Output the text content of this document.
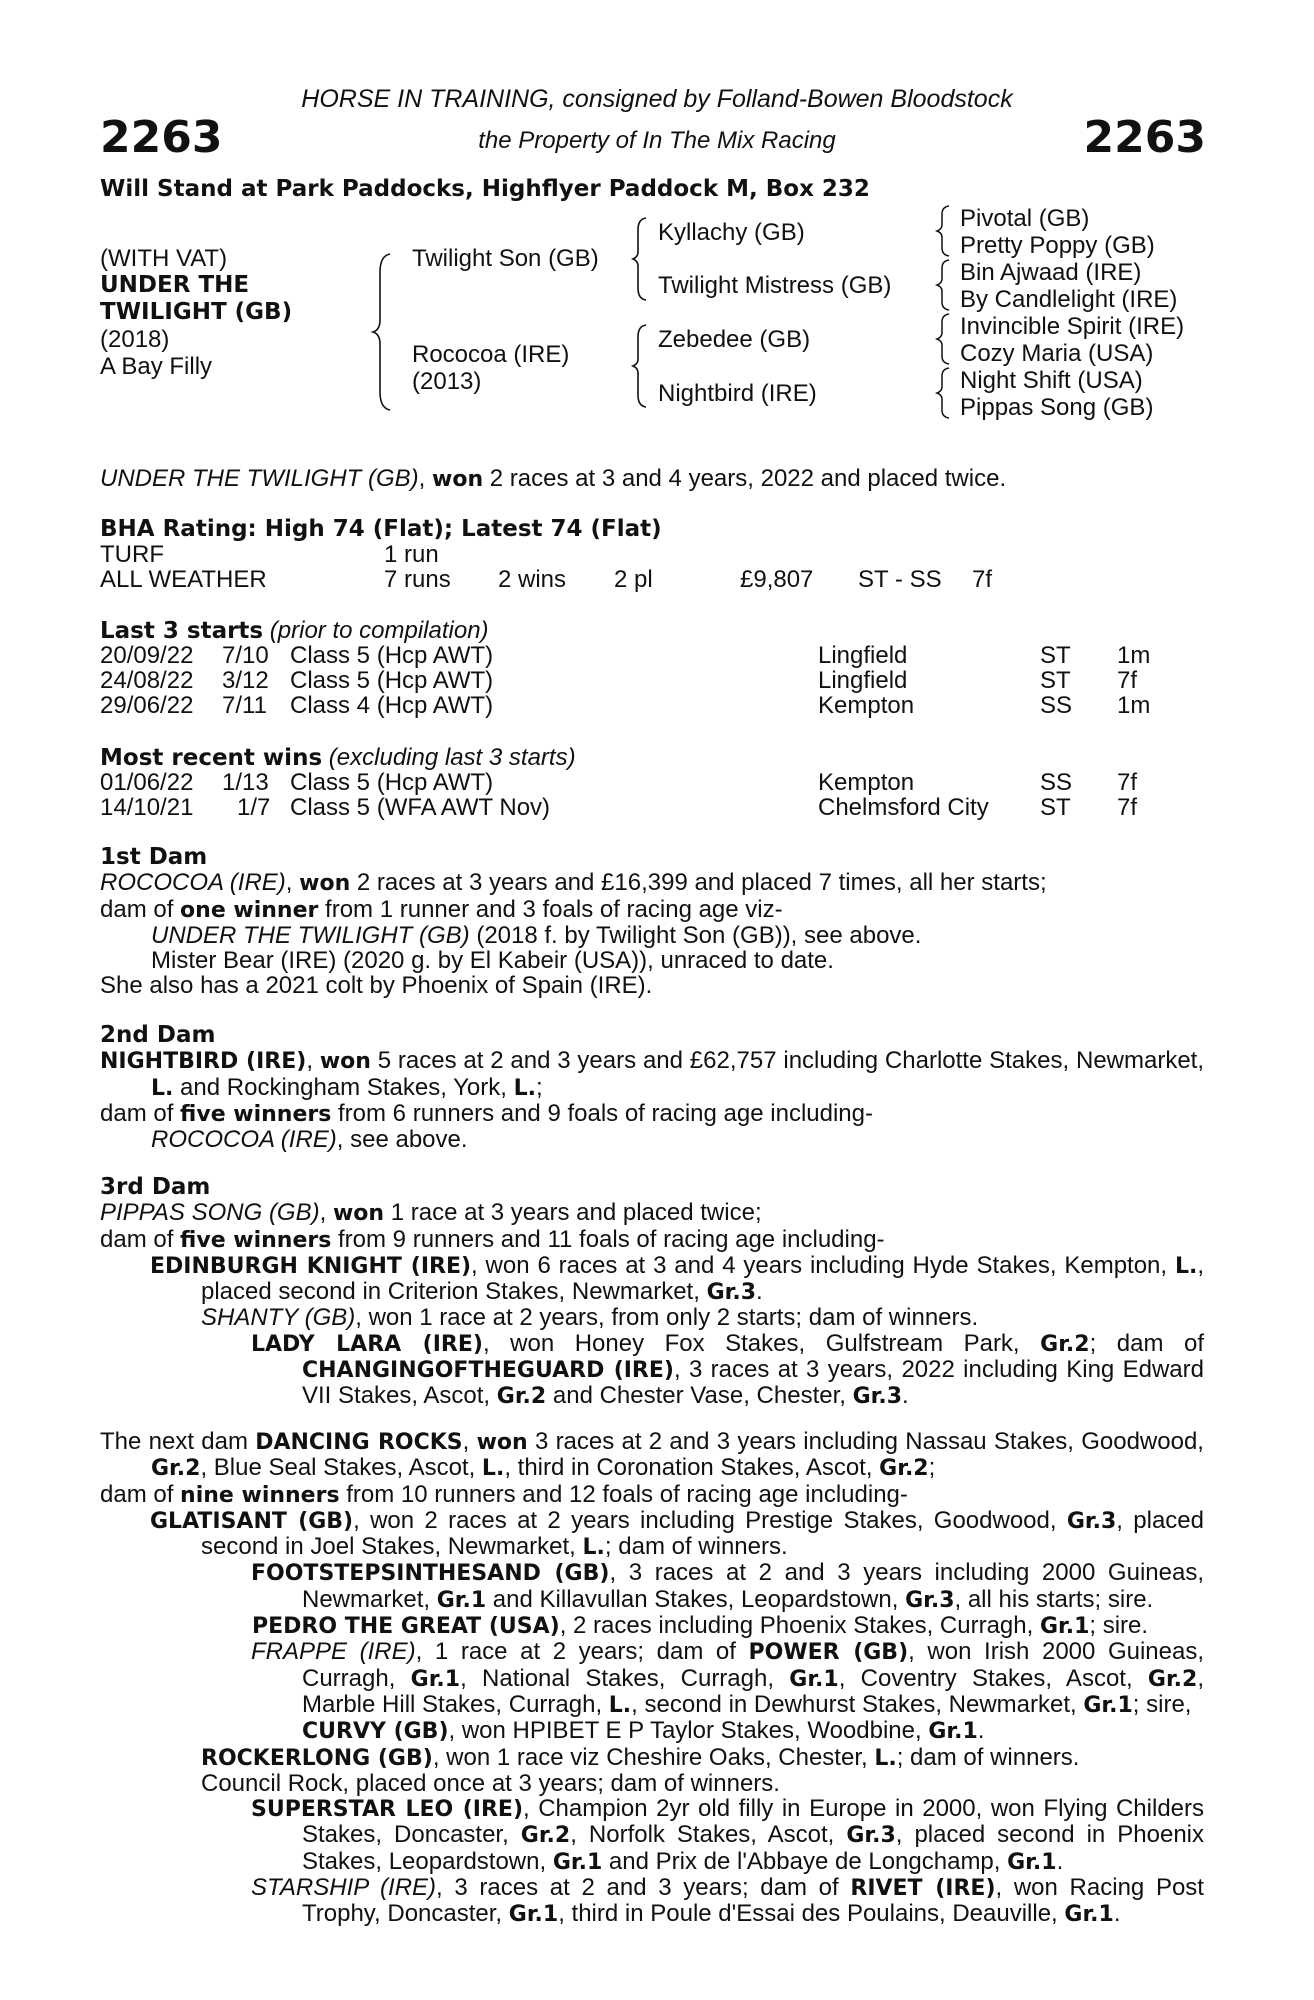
2263	2263
HORSE IN TRAINING, consigned by Folland-Bowen Bloodstock
the Property of In The Mix Racing
Will Stand at Park Paddocks, Highflyer Paddock M, Box 232
(WITH VAT)
UNDER THE
TWILIGHT (GB)
(2018)
A Bay Filly
Twilight Son (GB)
Rococoa (IRE)
(2013)
Kyllachy (GB)
Twilight Mistress (GB)
Zebedee (GB)
Nightbird (IRE)
Pivotal (GB)
Pretty Poppy (GB)
Bin Ajwaad (IRE)
By Candlelight (IRE)
Invincible Spirit (IRE)
Cozy Maria (USA)
Night Shift (USA)
Pippas Song (GB)
UNDER THE TWILIGHT (GB), won 2 races at 3 and 4 years, 2022 and placed twice.
BHA Rating: High 74 (Flat); Latest 74 (Flat)
TURF	1 run
ALL WEATHER	7 runs 2 wins 2 pl	£9,807 ST - SS 7f
Last 3 starts (prior to compilation)
20/09/22 7/10 Class 5 (Hcp AWT)	Lingfield	ST 1m
24/08/22 3/12 Class 5 (Hcp AWT)	Lingfield	ST 7f
29/06/22 7/11 Class 4 (Hcp AWT)	Kempton	SS 1m
Most recent wins (excluding last 3 starts)
01/06/22 1/13 Class 5 (Hcp AWT)	Kempton	SS 7f
14/10/21 1/7 Class 5 (WFA AWT Nov)	Chelmsford City ST 7f

1st Dam

ROCOCOA (IRE), won 2 races at 3 years and £16,399 and placed 7 times, all her starts;

dam of one winner from 1 runner and 3 foals of racing age viz-

UNDER THE TWILIGHT (GB) (2018 f. by Twilight Son (GB)), see above.

Mister Bear (IRE) (2020 g. by El Kabeir (USA)), unraced to date.

She also has a 2021 colt by Phoenix of Spain (IRE).

2nd Dam

NIGHTBIRD (IRE), won 5 races at 2 and 3 years and £62,757 including Charlotte Stakes, Newmarket, L. and Rockingham Stakes, York, L.;

dam of five winners from 6 runners and 9 foals of racing age including-

ROCOCOA (IRE), see above.

3rd Dam

PIPPAS SONG (GB), won 1 race at 3 years and placed twice;

dam of five winners from 9 runners and 11 foals of racing age including-

EDINBURGH KNIGHT (IRE), won 6 races at 3 and 4 years including Hyde Stakes, Kempton, L., placed second in Criterion Stakes, Newmarket, Gr.3.

SHANTY (GB), won 1 race at 2 years, from only 2 starts; dam of winners.

LADY LARA (IRE), won Honey Fox Stakes, Gulfstream Park, Gr.2; dam of CHANGINGOFTHEGUARD (IRE), 3 races at 3 years, 2022 including King Edward VII Stakes, Ascot, Gr.2 and Chester Vase, Chester, Gr.3.

The next dam DANCING ROCKS, won 3 races at 2 and 3 years including Nassau Stakes, Goodwood, Gr.2, Blue Seal Stakes, Ascot, L., third in Coronation Stakes, Ascot, Gr.2;

dam of nine winners from 10 runners and 12 foals of racing age including-

GLATISANT (GB), won 2 races at 2 years including Prestige Stakes, Goodwood, Gr.3, placed second in Joel Stakes, Newmarket, L.; dam of winners.

FOOTSTEPSINTHESAND (GB), 3 races at 2 and 3 years including 2000 Guineas, Newmarket, Gr.1 and Killavullan Stakes, Leopardstown, Gr.3, all his starts; sire.

PEDRO THE GREAT (USA), 2 races including Phoenix Stakes, Curragh, Gr.1; sire.

FRAPPE (IRE), 1 race at 2 years; dam of POWER (GB), won Irish 2000 Guineas, Curragh, Gr.1, National Stakes, Curragh, Gr.1, Coventry Stakes, Ascot, Gr.2, Marble Hill Stakes, Curragh, L., second in Dewhurst Stakes, Newmarket, Gr.1; sire,

CURVY (GB), won HPIBET E P Taylor Stakes, Woodbine, Gr.1.

ROCKERLONG (GB), won 1 race viz Cheshire Oaks, Chester, L.; dam of winners.

Council Rock, placed once at 3 years; dam of winners.

SUPERSTAR LEO (IRE), Champion 2yr old filly in Europe in 2000, won Flying Childers Stakes, Doncaster, Gr.2, Norfolk Stakes, Ascot, Gr.3, placed second in Phoenix Stakes, Leopardstown, Gr.1 and Prix de l'Abbaye de Longchamp, Gr.1.

STARSHIP (IRE), 3 races at 2 and 3 years; dam of RIVET (IRE), won Racing Post Trophy, Doncaster, Gr.1, third in Poule d'Essai des Poulains, Deauville, Gr.1.
